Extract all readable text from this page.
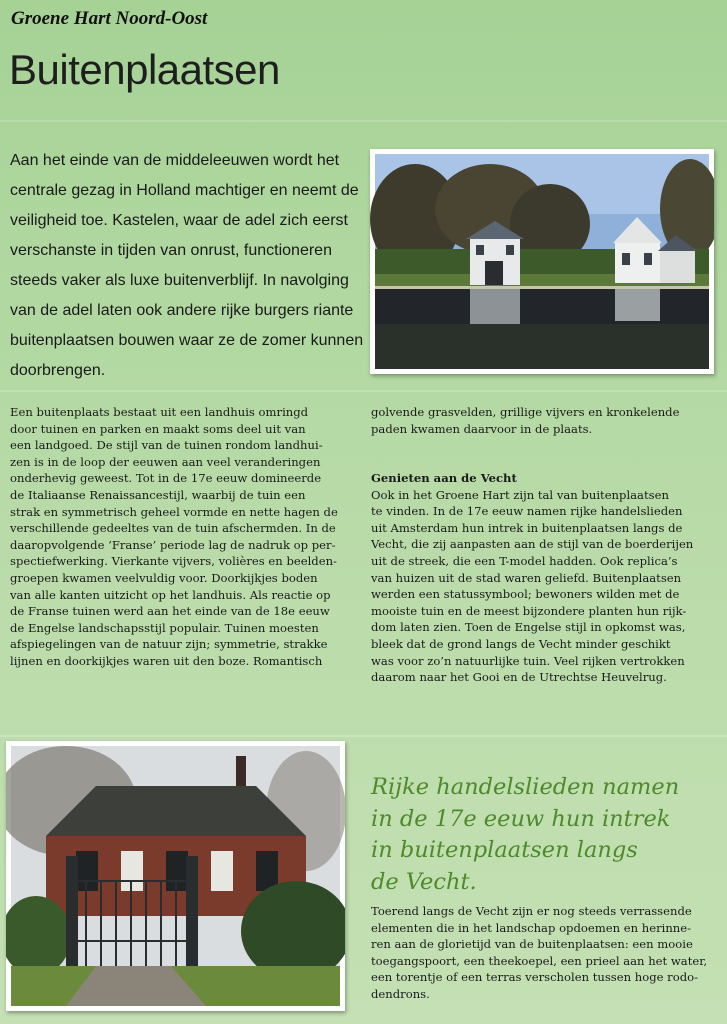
Groene Hart Noord-Oost
Buitenplaatsen
Aan het einde van de middeleeuwen wordt het
centrale gezag in Holland machtiger en neemt de
veiligheid toe. Kastelen, waar de adel zich eerst
verschanste in tijden van onrust, functioneren
steeds vaker als luxe buitenverblijf. In navolging
van de adel laten ook andere rijke burgers riante
buitenplaatsen bouwen waar ze de zomer kunnen
doorbrengen.
Een buitenplaats bestaat uit een landhuis omringd
door tuinen en parken en maakt soms deel uit van
een landgoed. De stijl van de tuinen rondom landhui-
zen is in de loop der eeuwen aan veel veranderingen
onderhevig geweest. Tot in de 17e eeuw domineerde
de Italiaanse Renaissancestijl, waarbij de tuin een
strak en symmetrisch geheel vormde en nette hagen de
verschillende gedeeltes van de tuin afschermden. In de
daaropvolgende ‘Franse’ periode lag de nadruk op per-
spectiefwerking. Vierkante vijvers, volières en beelden-
groepen kwamen veelvuldig voor. Doorkijkjes boden
van alle kanten uitzicht op het landhuis. Als reactie op
de Franse tuinen werd aan het einde van de 18e eeuw
de Engelse landschapsstijl populair. Tuinen moesten
afspiegelingen van de natuur zijn; symmetrie, strakke
lijnen en doorkijkjes waren uit den boze. Romantisch
golvende grasvelden, grillige vijvers en kronkelende
paden kwamen daarvoor in de plaats.
Genieten aan de Vecht
Ook in het Groene Hart zijn tal van buitenplaatsen
te vinden. In de 17e eeuw namen rijke handelslieden
uit Amsterdam hun intrek in buitenplaatsen langs de
Vecht, die zij aanpasten aan de stijl van de boerderijen
uit de streek, die een T-model hadden. Ook replica’s
van huizen uit de stad waren geliefd. Buitenplaatsen
werden een statussymbool; bewoners wilden met de
mooiste tuin en de meest bijzondere planten hun rijk-
dom laten zien. Toen de Engelse stijl in opkomst was,
bleek dat de grond langs de Vecht minder geschikt
was voor zo’n natuurlijke tuin. Veel rijken vertrokken
daarom naar het Gooi en de Utrechtse Heuvelrug.
Rijke handelslieden namen
in de 17e eeuw hun intrek
in buitenplaatsen langs
de Vecht.
Toerend langs de Vecht zijn er nog steeds verrassende
elementen die in het landschap opdoemen en herinne-
ren aan de glorietijd van de buitenplaatsen: een mooie
toegangspoort, een theekoepel, een prieel aan het water,
een torentje of een terras verscholen tussen hoge rodo-
dendrons.
